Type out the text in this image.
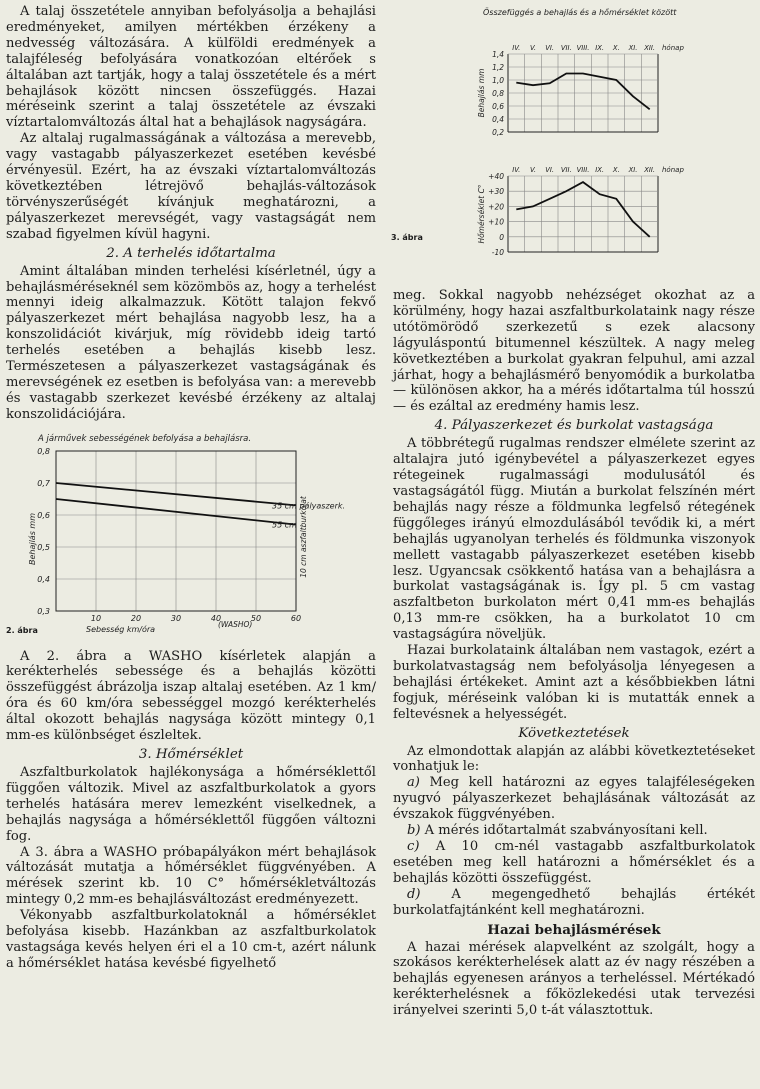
A talaj összetétele annyiban befolyásolja a behajlási eredményeket, amilyen mértékben érzékeny a nedvesség változására. A külföldi eredmények a talajféleség befolyására vonatkozóan eltérőek s általában azt tartják, hogy a talaj összetétele és a mért behajlások között nincsen összefüggés. Hazai méréseink szerint a talaj összetétele az évszaki víztartalomváltozás által hat a behajlások nagyságára.

Az altalaj rugalmasságának a változása a merevebb, vagy vastagabb pályaszerkezet esetében kevésbé érvényesül. Ezért, ha az évszaki víztartalomváltozás következtében létrejövő behajlás-változások törvényszerűségét kívánjuk meghatározni, a pályaszerkezet merevségét, vagy vastagságát nem szabad figyelmen kívül hagyni.

2. A terhelés időtartalma

Amint általában minden terhelési kísérletnél, úgy a behajlásméréseknél sem közömbös az, hogy a terhelést mennyi ideig alkalmazzuk. Kötött talajon fekvő pályaszerkezet mért behajlása nagyobb lesz, ha a konszolidációt kivárjuk, míg rövidebb ideig tartó terhelés esetében a behajlás kisebb lesz. Természetesen a pályaszerkezet vastagságának és merevségének ez esetben is befolyása van: a merevebb és vastagabb szerkezet kevésbé érzékeny az altalaj konszolidációjára.

A járművek sebességének befolyása a behajlásra.
Behajlás mm	10 cm aszfaltburkolat
0,8
0,7
0,6
0,5
0,4
0,3
10	20	30	40	50	60
35 cm pályaszerk.
55 cm
(WASHO)
Sebesség km/óra
2. ábra

A 2. ábra a WASHO kísérletek alapján a kerékterhelés sebessége és a behajlás közötti összefüggést ábrázolja iszap altalaj esetében. Az 1 km/óra és 60 km/óra sebességgel mozgó kerékterhelés által okozott behajlás nagysága között mintegy 0,1 mm-es különbséget észleltek.

3. Hőmérséklet

Aszfaltburkolatok hajlékonysága a hőmérséklettől függően változik. Mivel az aszfaltburkolatok a gyors terhelés hatására merev lemezként viselkednek, a behajlás nagysága a hőmérséklettől függően változni fog.

A 3. ábra a WASHO próbapályákon mért behajlások változását mutatja a hőmérséklet függvényében. A mérések szerint kb. 10 C° hőmérsékletváltozás mintegy 0,2 mm-es behajlásváltozást eredményezett.

Vékonyabb aszfaltburkolatoknál a hőmérséklet befolyása kisebb. Hazánkban az aszfaltburkolatok vastagsága kevés helyen éri el a 10 cm-t, azért nálunk a hőmérséklet hatása kevésbé figyelhető

Összefüggés a behajlás és a hőmérséklet között
1,4
1,2
1,0
0,8
0,6
0,4
0,2
IV. V. VI. VII. VIII. IX. X. XI. XII. hónap
Behajlás mm
+40
+30
+20
+10
0
-10
IV. V. VI. VII. VIII. IX. X. XI. XII. hónap
Hőmérséklet C°
3. ábra

meg. Sokkal nagyobb nehézséget okozhat az a körülmény, hogy hazai aszfaltburkolataink nagy része utótömörödő szerkezetű s ezek alacsony lágyuláspontú bitumennel készültek. A nagy meleg következtében a burkolat gyakran felpuhul, ami azzal járhat, hogy a behajlásmérő benyomódik a burkolatba — különösen akkor, ha a mérés időtartalma túl hosszú — és ezáltal az eredmény hamis lesz.

4. Pályaszerkezet és burkolat vastagsága

A többrétegű rugalmas rendszer elmélete szerint az altalajra jutó igénybevétel a pályaszerkezet egyes rétegeinek rugalmassági modulusától és vastagságától függ. Miután a burkolat felszínén mért behajlás nagy része a földmunka legfelső rétegének függőleges irányú elmozdulásából tevődik ki, a mért behajlás ugyanolyan terhelés és földmunka viszonyok mellett vastagabb pályaszerkezet esetében kisebb lesz. Ugyancsak csökkentő hatása van a behajlásra a burkolat vastagságának is. Így pl. 5 cm vastag aszfaltbeton burkolaton mért 0,41 mm-es behajlás 0,13 mm-re csökken, ha a burkolatot 10 cm vastagságúra növeljük.

Hazai burkolataink általában nem vastagok, ezért a burkolatvastagság nem befolyásolja lényegesen a behajlási értékeket. Amint azt a későbbiekben látni fogjuk, méréseink valóban ki is mutatták ennek a feltevésnek a helyességét.

Következtetések

Az elmondottak alapján az alábbi következtetéseket vonhatjuk le:

a) Meg kell határozni az egyes talajféleségeken nyugvó pályaszerkezet behajlásának változását az évszakok függvényében.

b) A mérés időtartalmát szabványosítani kell.

c) A 10 cm-nél vastagabb aszfaltburkolatok esetében meg kell határozni a hőmérséklet és a behajlás közötti összefüggést.

d) A megengedhető behajlás értékét burkolatfajtánként kell meghatározni.

Hazai behajlásmérések

A hazai mérések alapvelként az szolgált, hogy a szokásos kerékterhelések alatt az év nagy részében a behajlás egyenesen arányos a terheléssel. Mértékadó kerékterhelésnek a főközlekedési utak tervezési irányelvei szerinti 5,0 t-át választottuk.
